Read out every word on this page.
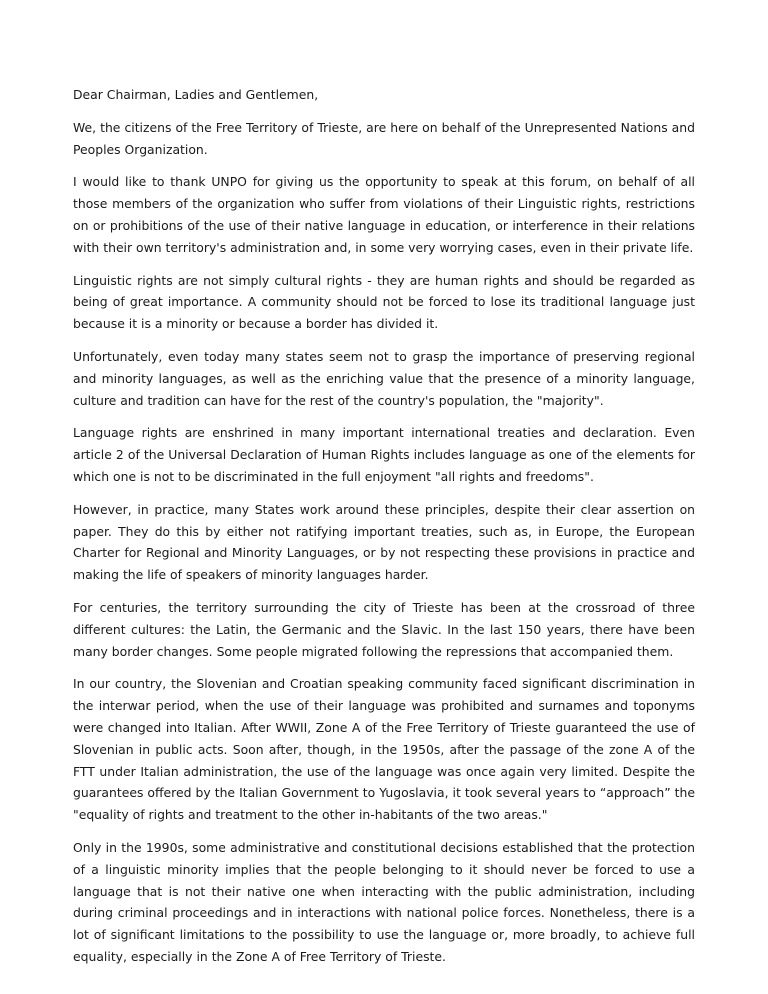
Dear Chairman, Ladies and Gentlemen,

We, the citizens of the Free Territory of Trieste, are here on behalf of the Unrepresented Nations and Peoples Organization.

I would like to thank UNPO for giving us the opportunity to speak at this forum, on behalf of all those members of the organization who suffer from violations of their Linguistic rights, restrictions on or prohibitions of the use of their native language in education, or interference in their relations with their own territory's administration and, in some very worrying cases, even in their private life.

Linguistic rights are not simply cultural rights - they are human rights and should be regarded as being of great importance. A community should not be forced to lose its traditional language just because it is a minority or because a border has divided it.

Unfortunately, even today many states seem not to grasp the importance of preserving regional and minority languages, as well as the enriching value that the presence of a minority language, culture and tradition can have for the rest of the country's population, the "majority".

Language rights are enshrined in many important international treaties and declaration. Even article 2 of the Universal Declaration of Human Rights includes language as one of the elements for which one is not to be discriminated in the full enjoyment "all rights and freedoms".

However, in practice, many States work around these principles, despite their clear assertion on paper. They do this by either not ratifying important treaties, such as, in Europe, the European Charter for Regional and Minority Languages, or by not respecting these provisions in practice and making the life of speakers of minority languages harder.

For centuries, the territory surrounding the city of Trieste has been at the crossroad of three different cultures: the Latin, the Germanic and the Slavic. In the last 150 years, there have been many border changes. Some people migrated following the repressions that accompanied them.

In our country, the Slovenian and Croatian speaking community faced significant discrimination in the interwar period, when the use of their language was prohibited and surnames and toponyms were changed into Italian. After WWII, Zone A of the Free Territory of Trieste guaranteed the use of Slovenian in public acts. Soon after, though, in the 1950s, after the passage of the zone A of the FTT under Italian administration, the use of the language was once again very limited. Despite the guarantees offered by the Italian Government to Yugoslavia, it took several years to “approach” the "equality of rights and treatment to the other in-habitants of the two areas."

Only in the 1990s, some administrative and constitutional decisions established that the protection of a linguistic minority implies that the people belonging to it should never be forced to use a language that is not their native one when interacting with the public administration, including during criminal proceedings and in interactions with national police forces. Nonetheless, there is a lot of significant limitations to the possibility to use the language or, more broadly, to achieve full equality, especially in the Zone A of Free Territory of Trieste.
